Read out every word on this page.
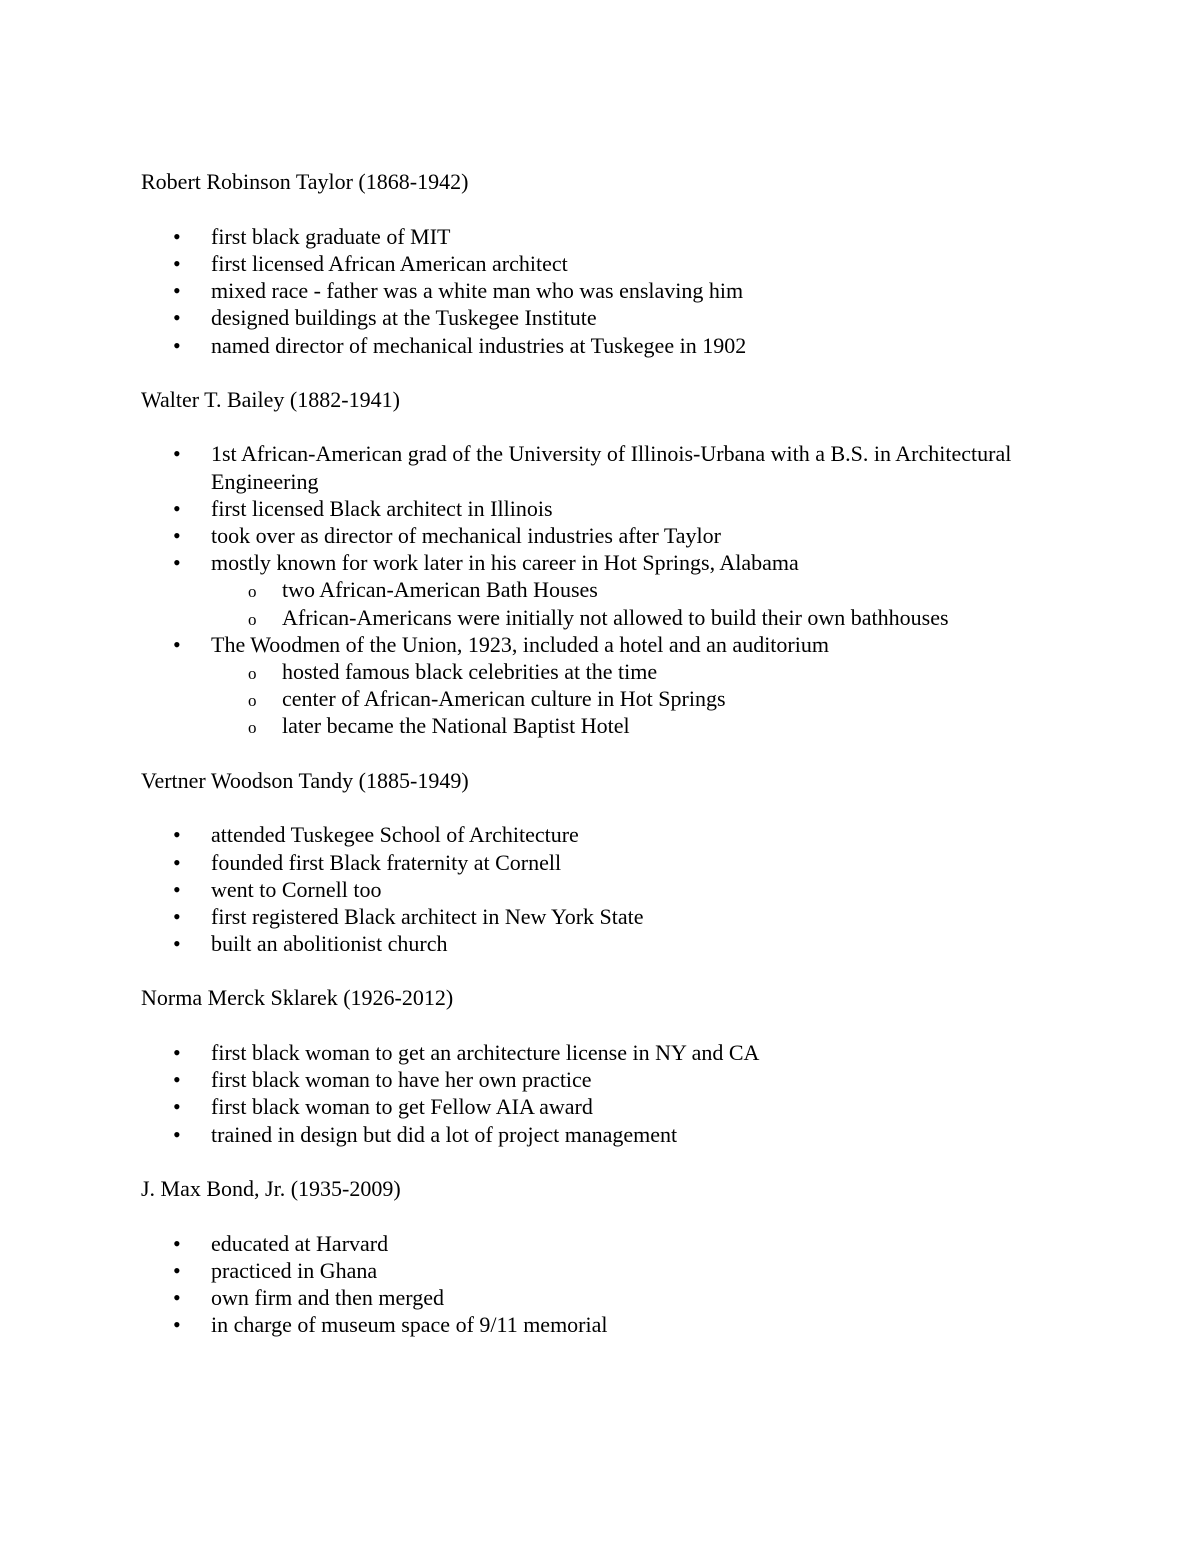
Robert Robinson Taylor (1868-1942)

• first black graduate of MIT
• first licensed African American architect
• mixed race - father was a white man who was enslaving him
• designed buildings at the Tuskegee Institute
• named director of mechanical industries at Tuskegee in 1902

Walter T. Bailey (1882-1941)

• 1st African-American grad of the University of Illinois-Urbana with a B.S. in Architectural Engineering
• first licensed Black architect in Illinois
• took over as director of mechanical industries after Taylor
• mostly known for work later in his career in Hot Springs, Alabama
o two African-American Bath Houses
o African-Americans were initially not allowed to build their own bathhouses
• The Woodmen of the Union, 1923, included a hotel and an auditorium
o hosted famous black celebrities at the time
o center of African-American culture in Hot Springs
o later became the National Baptist Hotel

Vertner Woodson Tandy (1885-1949)

• attended Tuskegee School of Architecture
• founded first Black fraternity at Cornell
• went to Cornell too
• first registered Black architect in New York State
• built an abolitionist church

Norma Merck Sklarek (1926-2012)

• first black woman to get an architecture license in NY and CA
• first black woman to have her own practice
• first black woman to get Fellow AIA award
• trained in design but did a lot of project management

J. Max Bond, Jr. (1935-2009)

• educated at Harvard
• practiced in Ghana
• own firm and then merged
• in charge of museum space of 9/11 memorial
